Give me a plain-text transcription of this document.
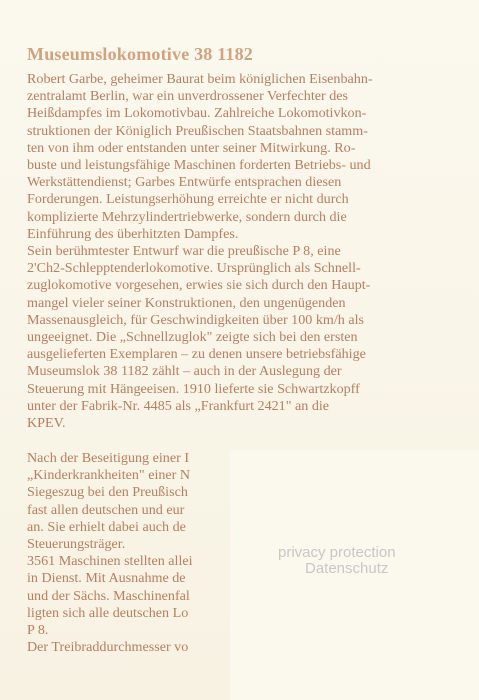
Museumslokomotive 38 1182
Robert Garbe, geheimer Baurat beim königlichen Eisenbahn-
zentralamt Berlin, war ein unverdrossener Verfechter des
Heißdampfes im Lokomotivbau. Zahlreiche Lokomotivkon-
struktionen der Königlich Preußischen Staatsbahnen stamm-
ten von ihm oder entstanden unter seiner Mitwirkung. Ro-
buste und leistungsfähige Maschinen forderten Betriebs- und
Werkstättendienst; Garbes Entwürfe entsprachen diesen
Forderungen. Leistungserhöhung erreichte er nicht durch
komplizierte Mehrzylindertriebwerke, sondern durch die
Einführung des überhitzten Dampfes.
Sein berühmtester Entwurf war die preußische P 8, eine
2'Ch2-Schlepptenderlokomotive. Ursprünglich als Schnell-
zuglokomotive vorgesehen, erwies sie sich durch den Haupt-
mangel vieler seiner Konstruktionen, den ungenügenden
Massenausgleich, für Geschwindigkeiten über 100 km/h als
ungeeignet. Die „Schnellzuglok" zeigte sich bei den ersten
ausgelieferten Exemplaren – zu denen unsere betriebsfähige
Museumslok 38 1182 zählt – auch in der Auslegung der
Steuerung mit Hängeeisen. 1910 lieferte sie Schwartzkopff
unter der Fabrik-Nr. 4485 als „Frankfurt 2421" an die
KPEV.
Nach der Beseitigung einer I
„Kinderkrankheiten" einer N
Siegeszug bei den Preußisch
fast allen deutschen und eur
an. Sie erhielt dabei auch de
Steuerungsträger.
3561 Maschinen stellten allei
in Dienst. Mit Ausnahme de
und der Sächs. Maschinenfal
ligten sich alle deutschen Lo
P 8.
Der Treibraddurchmesser vo
privacy protection
Datenschutz
